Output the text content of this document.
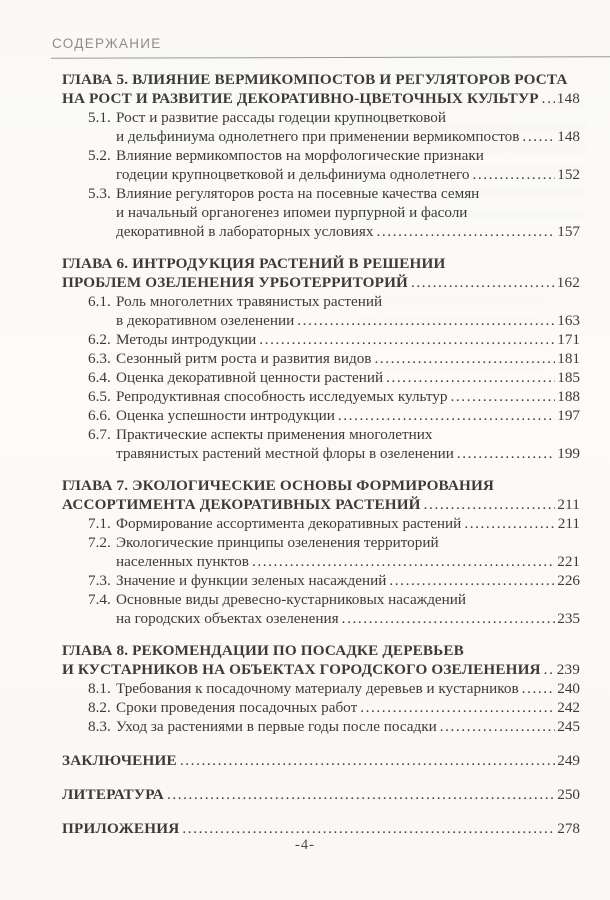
СОДЕРЖАНИЕ
ГЛАВА 5. ВЛИЯНИЕ ВЕРМИКОМПОСТОВ И РЕГУЛЯТОРОВ РОСТА
НА РОСТ И РАЗВИТИЕ ДЕКОРАТИВНО-ЦВЕТОЧНЫХ КУЛЬТУР ..... 148
5.1. Рост и развитие рассады годеции крупноцветковой
и дельфиниума однолетнего при применении вермикомпостов ..... 148
5.2. Влияние вермикомпостов на морфологические признаки
годеции крупноцветковой и дельфиниума однолетнего .....	152
5.3. Влияние регуляторов роста на посевные качества семян
и начальный органогенез ипомеи пурпурной и фасоли
декоративной в лабораторных условиях .....	157
ГЛАВА 6. ИНТРОДУКЦИЯ РАСТЕНИЙ В РЕШЕНИИ
ПРОБЛЕМ ОЗЕЛЕНЕНИЯ УРБОТЕРРИТОРИЙ .....	162
6.1. Роль многолетних травянистых растений
в декоративном озеленении .....	163
6.2. Методы интродукции .....	171
6.3. Сезонный ритм роста и развития видов .....	181
6.4. Оценка декоративной ценности растений .....	185
6.5. Репродуктивная способность исследуемых культур .....	188
6.6. Оценка успешности интродукции .....	197
6.7. Практические аспекты применения многолетних
травянистых растений местной флоры в озеленении .....	199
ГЛАВА 7. ЭКОЛОГИЧЕСКИЕ ОСНОВЫ ФОРМИРОВАНИЯ
АССОРТИМЕНТА ДЕКОРАТИВНЫХ РАСТЕНИЙ .....	211
7.1. Формирование ассортимента декоративных растений .....	211
7.2. Экологические принципы озеленения территорий
населенных пунктов .....	221
7.3. Значение и функции зеленых насаждений .....	226
7.4. Основные виды древесно-кустарниковых насаждений
на городских объектах озеленения .....	235
ГЛАВА 8. РЕКОМЕНДАЦИИ ПО ПОСАДКЕ ДЕРЕВЬЕВ
И КУСТАРНИКОВ НА ОБЪЕКТАХ ГОРОДСКОГО ОЗЕЛЕНЕНИЯ ..... 239
8.1. Требования к посадочному материалу деревьев и кустарников .....	240
8.2. Сроки проведения посадочных работ .....	242
8.3. Уход за растениями в первые годы после посадки .....	245
ЗАКЛЮЧЕНИЕ .....	249
ЛИТЕРАТУРА .....	250
ПРИЛОЖЕНИЯ .....	278
-4-
